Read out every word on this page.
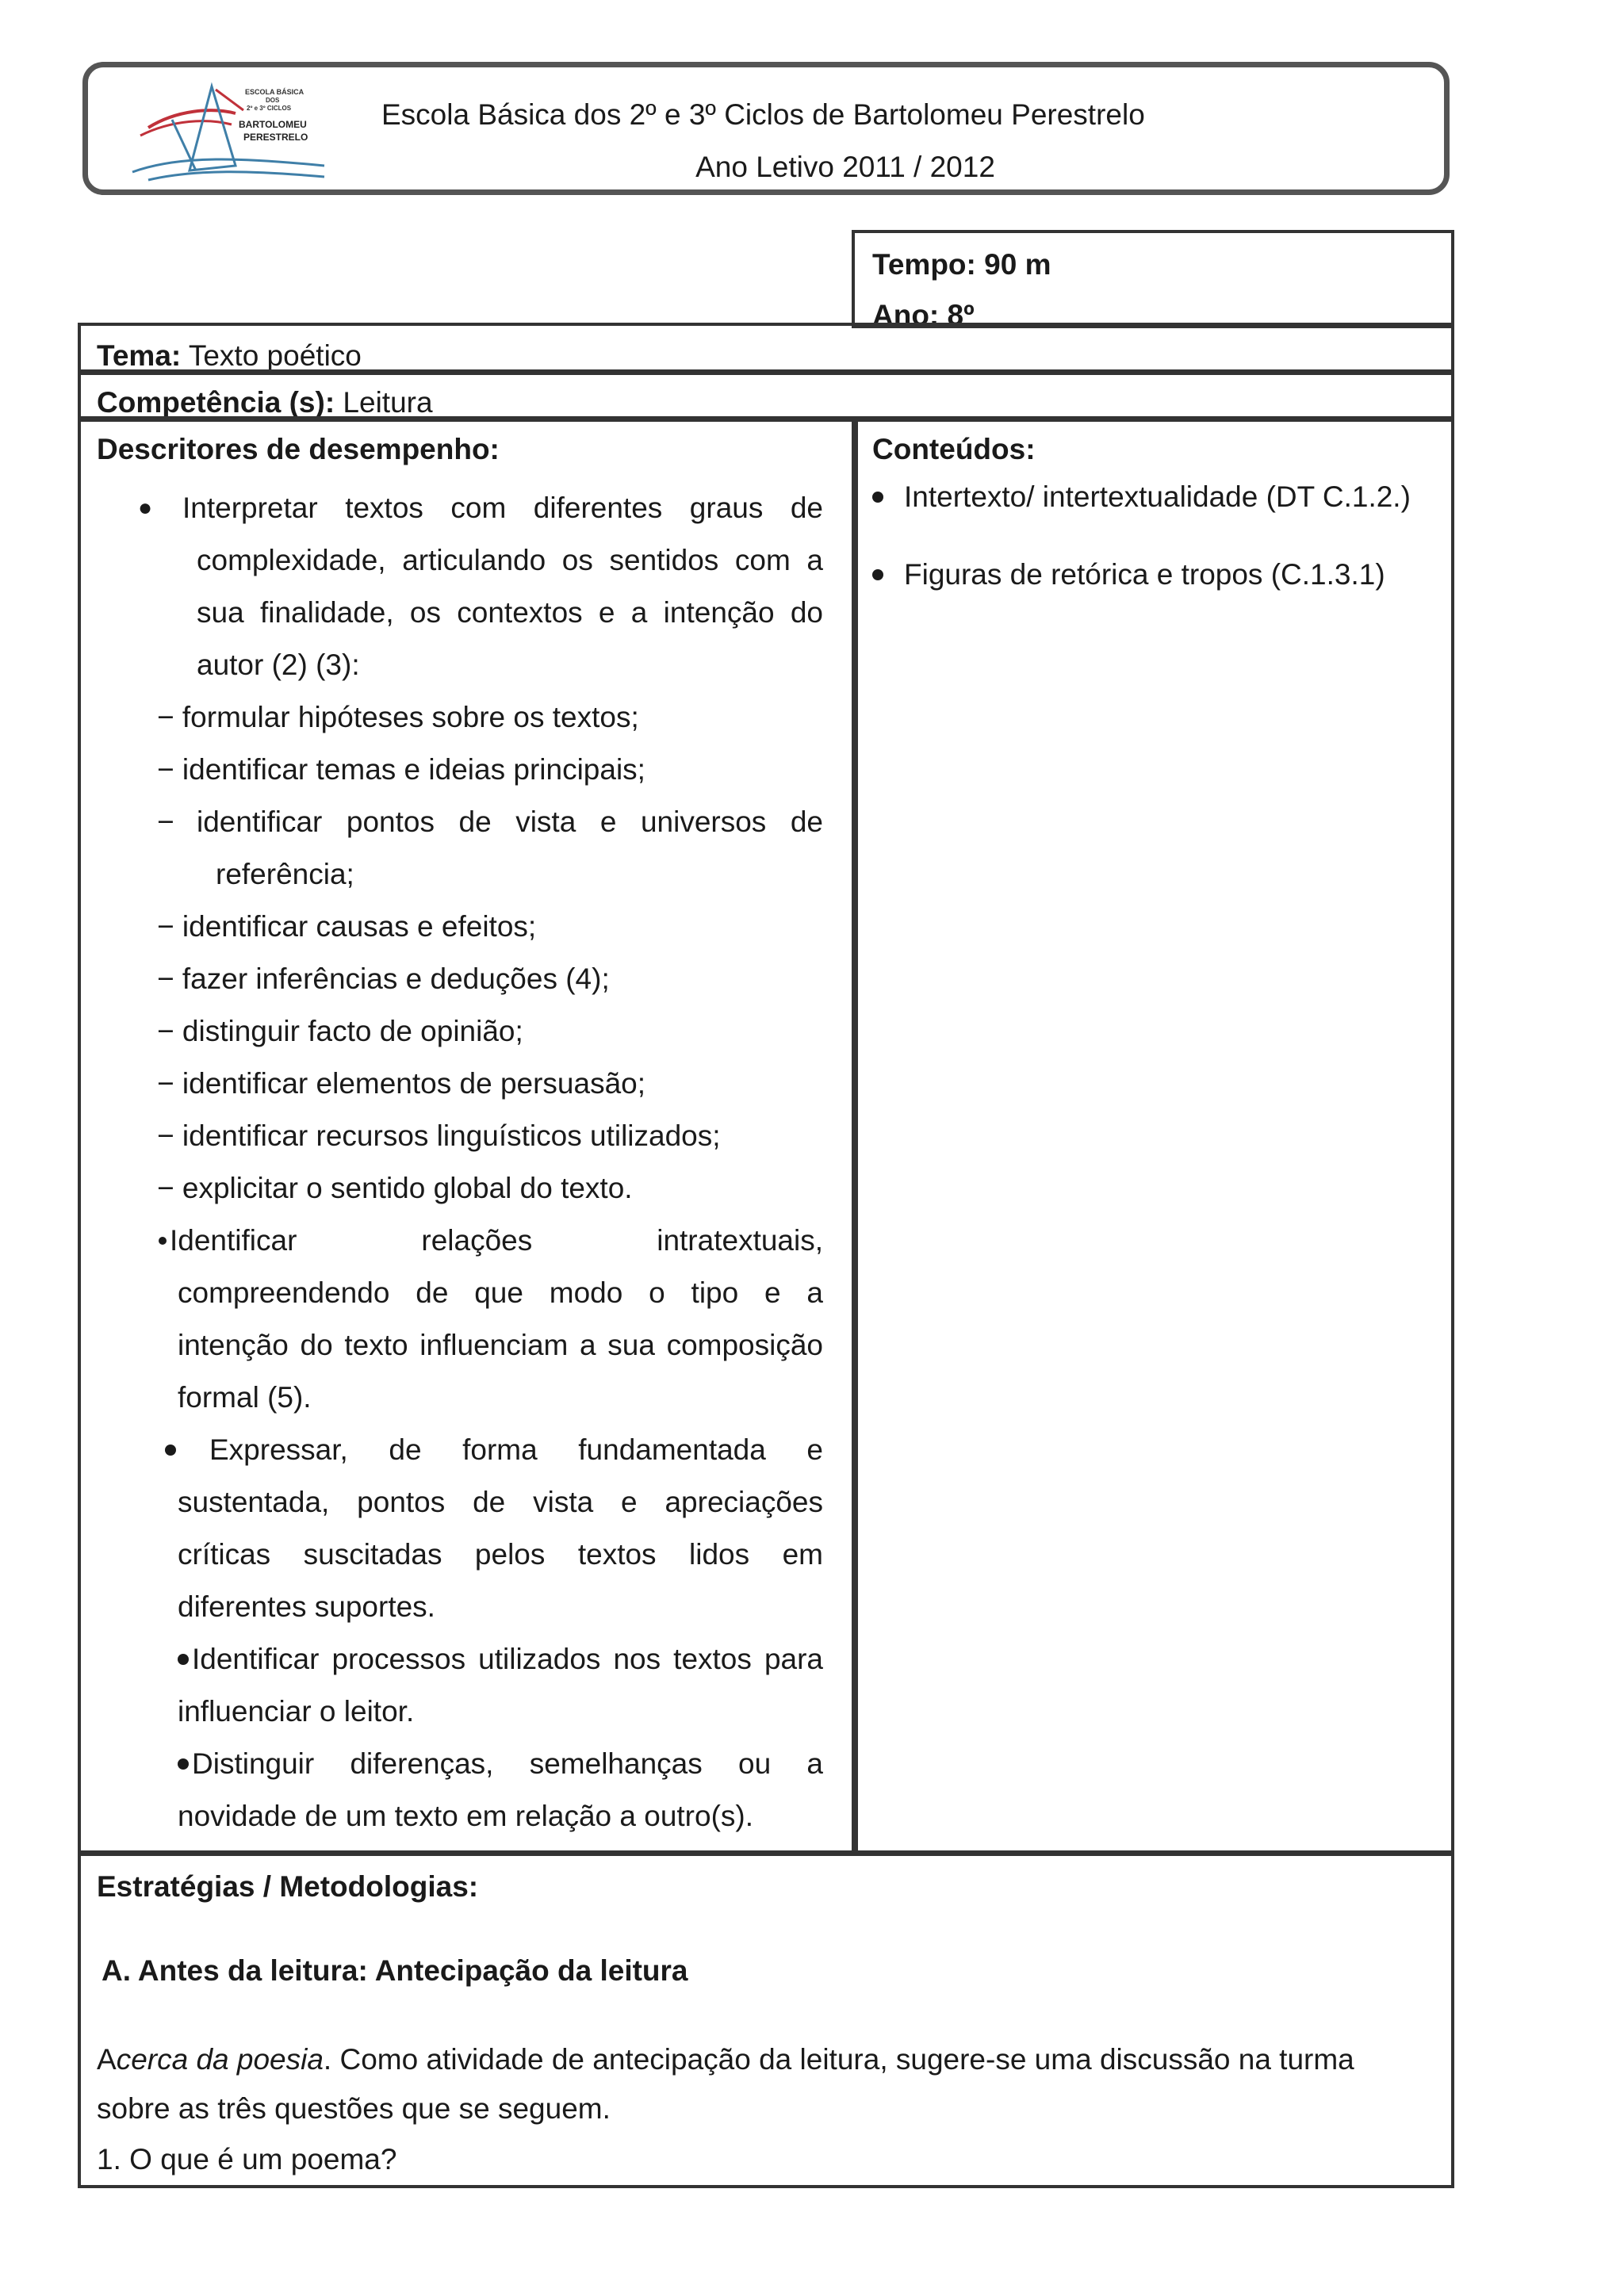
ESCOLA BÁSICA
DOS
2º e 3º CICLOS
BARTOLOMEU
PERESTRELO
Escola Básica dos 2º e 3º Ciclos de Bartolomeu Perestrelo
Ano Letivo 2011 / 2012
Tempo: 90 m
Ano: 8º
Tema: Texto poético
Competência (s): Leitura
Descritores de desempenho:
● Interpretar textos com diferentes graus de
complexidade, articulando os sentidos com a
sua finalidade, os contextos e a intenção do
autor (2) (3):
− formular hipóteses sobre os textos;
− identificar temas e ideias principais;
− identificar pontos de vista e universos de
referência;
− identificar causas e efeitos;
− fazer inferências e deduções (4);
− distinguir facto de opinião;
− identificar elementos de persuasão;
− identificar recursos linguísticos utilizados;
− explicitar o sentido global do texto.
Identificar relações intratextuais,
compreendendo de que modo o tipo e a
intenção do texto influenciam a sua composição
formal (5).
Expressar, de forma fundamentada e
sustentada, pontos de vista e apreciações
críticas suscitadas pelos textos lidos em
diferentes suportes.
Identificar processos utilizados nos textos para
influenciar o leitor.
Distinguir diferenças, semelhanças ou a
novidade de um texto em relação a outro(s).
Conteúdos:
Intertexto/ intertextualidade (DT C.1.2.)
Figuras de retórica e tropos (C.1.3.1)
Estratégias / Metodologias:
A. Antes da leitura: Antecipação da leitura
Acerca da poesia. Como atividade de antecipação da leitura, sugere-se uma discussão na turma
sobre as três questões que se seguem.
1. O que é um poema?
